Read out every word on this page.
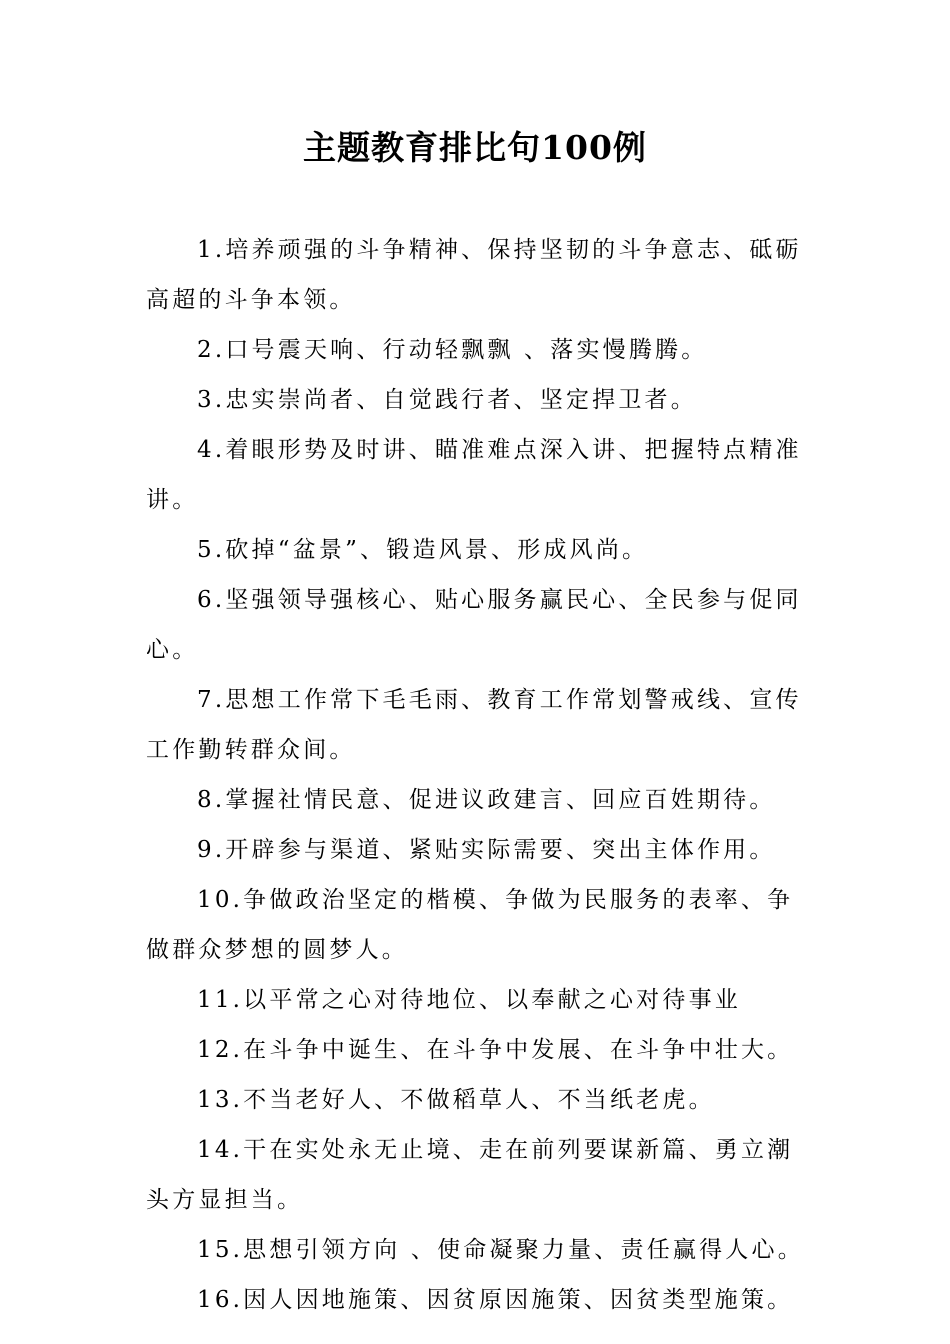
主题教育排比句100例

1.培养顽强的斗争精神、保持坚韧的斗争意志、砥砺高超的斗争本领。

2.口号震天响、行动轻飘飘 、落实慢腾腾。

3.忠实崇尚者、自觉践行者、坚定捍卫者。

4.着眼形势及时讲、瞄准难点深入讲、把握特点精准讲。

5.砍掉“盆景”、锻造风景、形成风尚。

6.坚强领导强核心、贴心服务赢民心、全民参与促同心。

7.思想工作常下毛毛雨、教育工作常划警戒线、宣传工作勤转群众间。

8.掌握社情民意、促进议政建言、回应百姓期待。

9.开辟参与渠道、紧贴实际需要、突出主体作用。

10.争做政治坚定的楷模、争做为民服务的表率、争做群众梦想的圆梦人。

11.以平常之心对待地位、以奉献之心对待事业

12.在斗争中诞生、在斗争中发展、在斗争中壮大。

13.不当老好人、不做稻草人、不当纸老虎。

14.干在实处永无止境、走在前列要谋新篇、勇立潮头方显担当。

15.思想引领方向 、使命凝聚力量、责任赢得人心。

16.因人因地施策、因贫原因施策、因贫类型施策。
